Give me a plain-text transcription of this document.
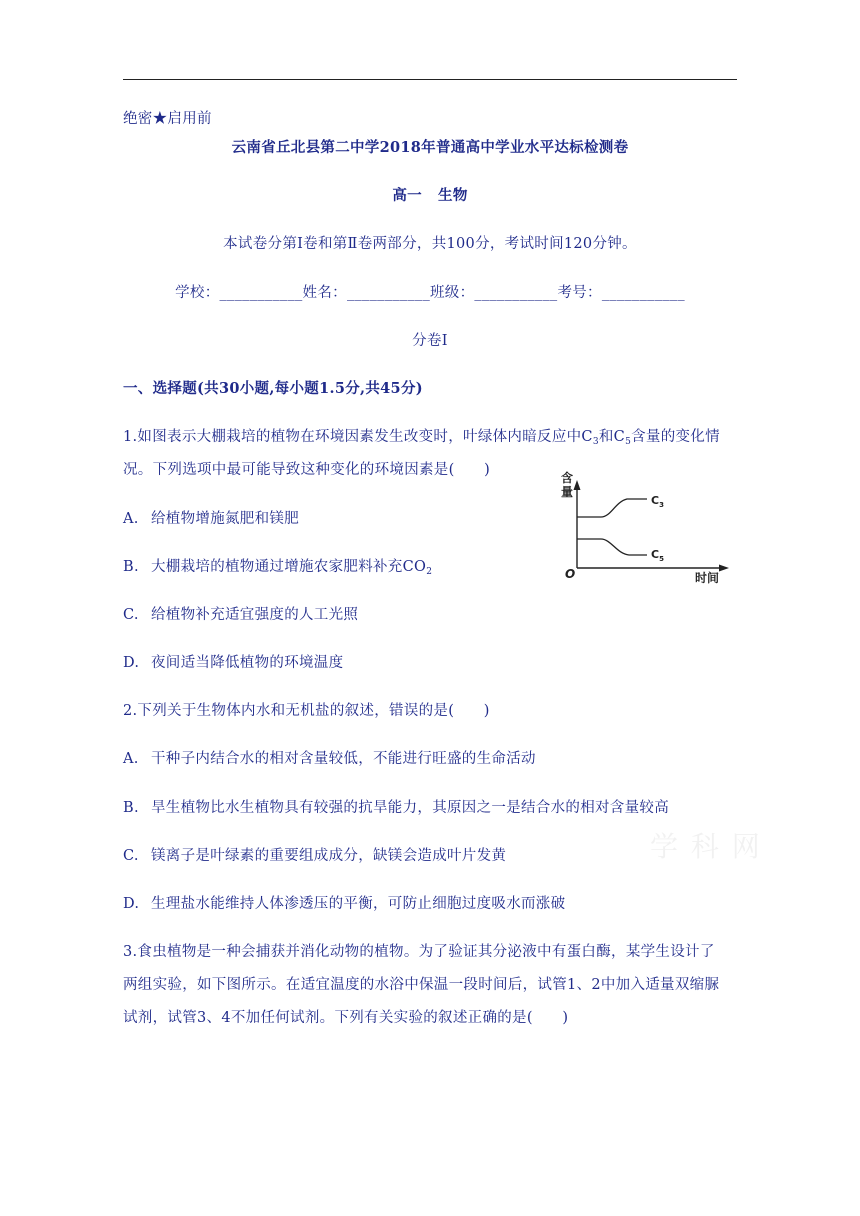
绝密★启用前
云南省丘北县第二中学2018年普通高中学业水平达标检测卷
高一   生物
本试卷分第Ⅰ卷和第Ⅱ卷两部分，共100分，考试时间120分钟。
学校：___________姓名：___________班级：___________考号：___________
分卷I
一、选择题(共30小题,每小题1.5分,共45分)
1.如图表示大棚栽培的植物在环境因素发生改变时，叶绿体内暗反应中$C_3$和$C_5$含量的变化情
况。下列选项中最可能导致这种变化的环境因素是(　　)
A. 给植物增施氮肥和镁肥
B. 大棚栽培的植物通过增施农家肥料补充$CO_2$
C. 给植物补充适宜强度的人工光照
D. 夜间适当降低植物的环境温度
含
量
时间
O
$C_3$
$C_5$
2.下列关于生物体内水和无机盐的叙述，错误的是(　　)
A. 干种子内结合水的相对含量较低，不能进行旺盛的生命活动
B. 旱生植物比水生植物具有较强的抗旱能力，其原因之一是结合水的相对含量较高
C. 镁离子是叶绿素的重要组成成分，缺镁会造成叶片发黄
D. 生理盐水能维持人体渗透压的平衡，可防止细胞过度吸水而涨破
3.食虫植物是一种会捕获并消化动物的植物。为了验证其分泌液中有蛋白酶，某学生设计了
两组实验，如下图所示。在适宜温度的水浴中保温一段时间后，试管1、2中加入适量双缩脲
试剂，试管3、4不加任何试剂。下列有关实验的叙述正确的是(　　)
学 科 网
